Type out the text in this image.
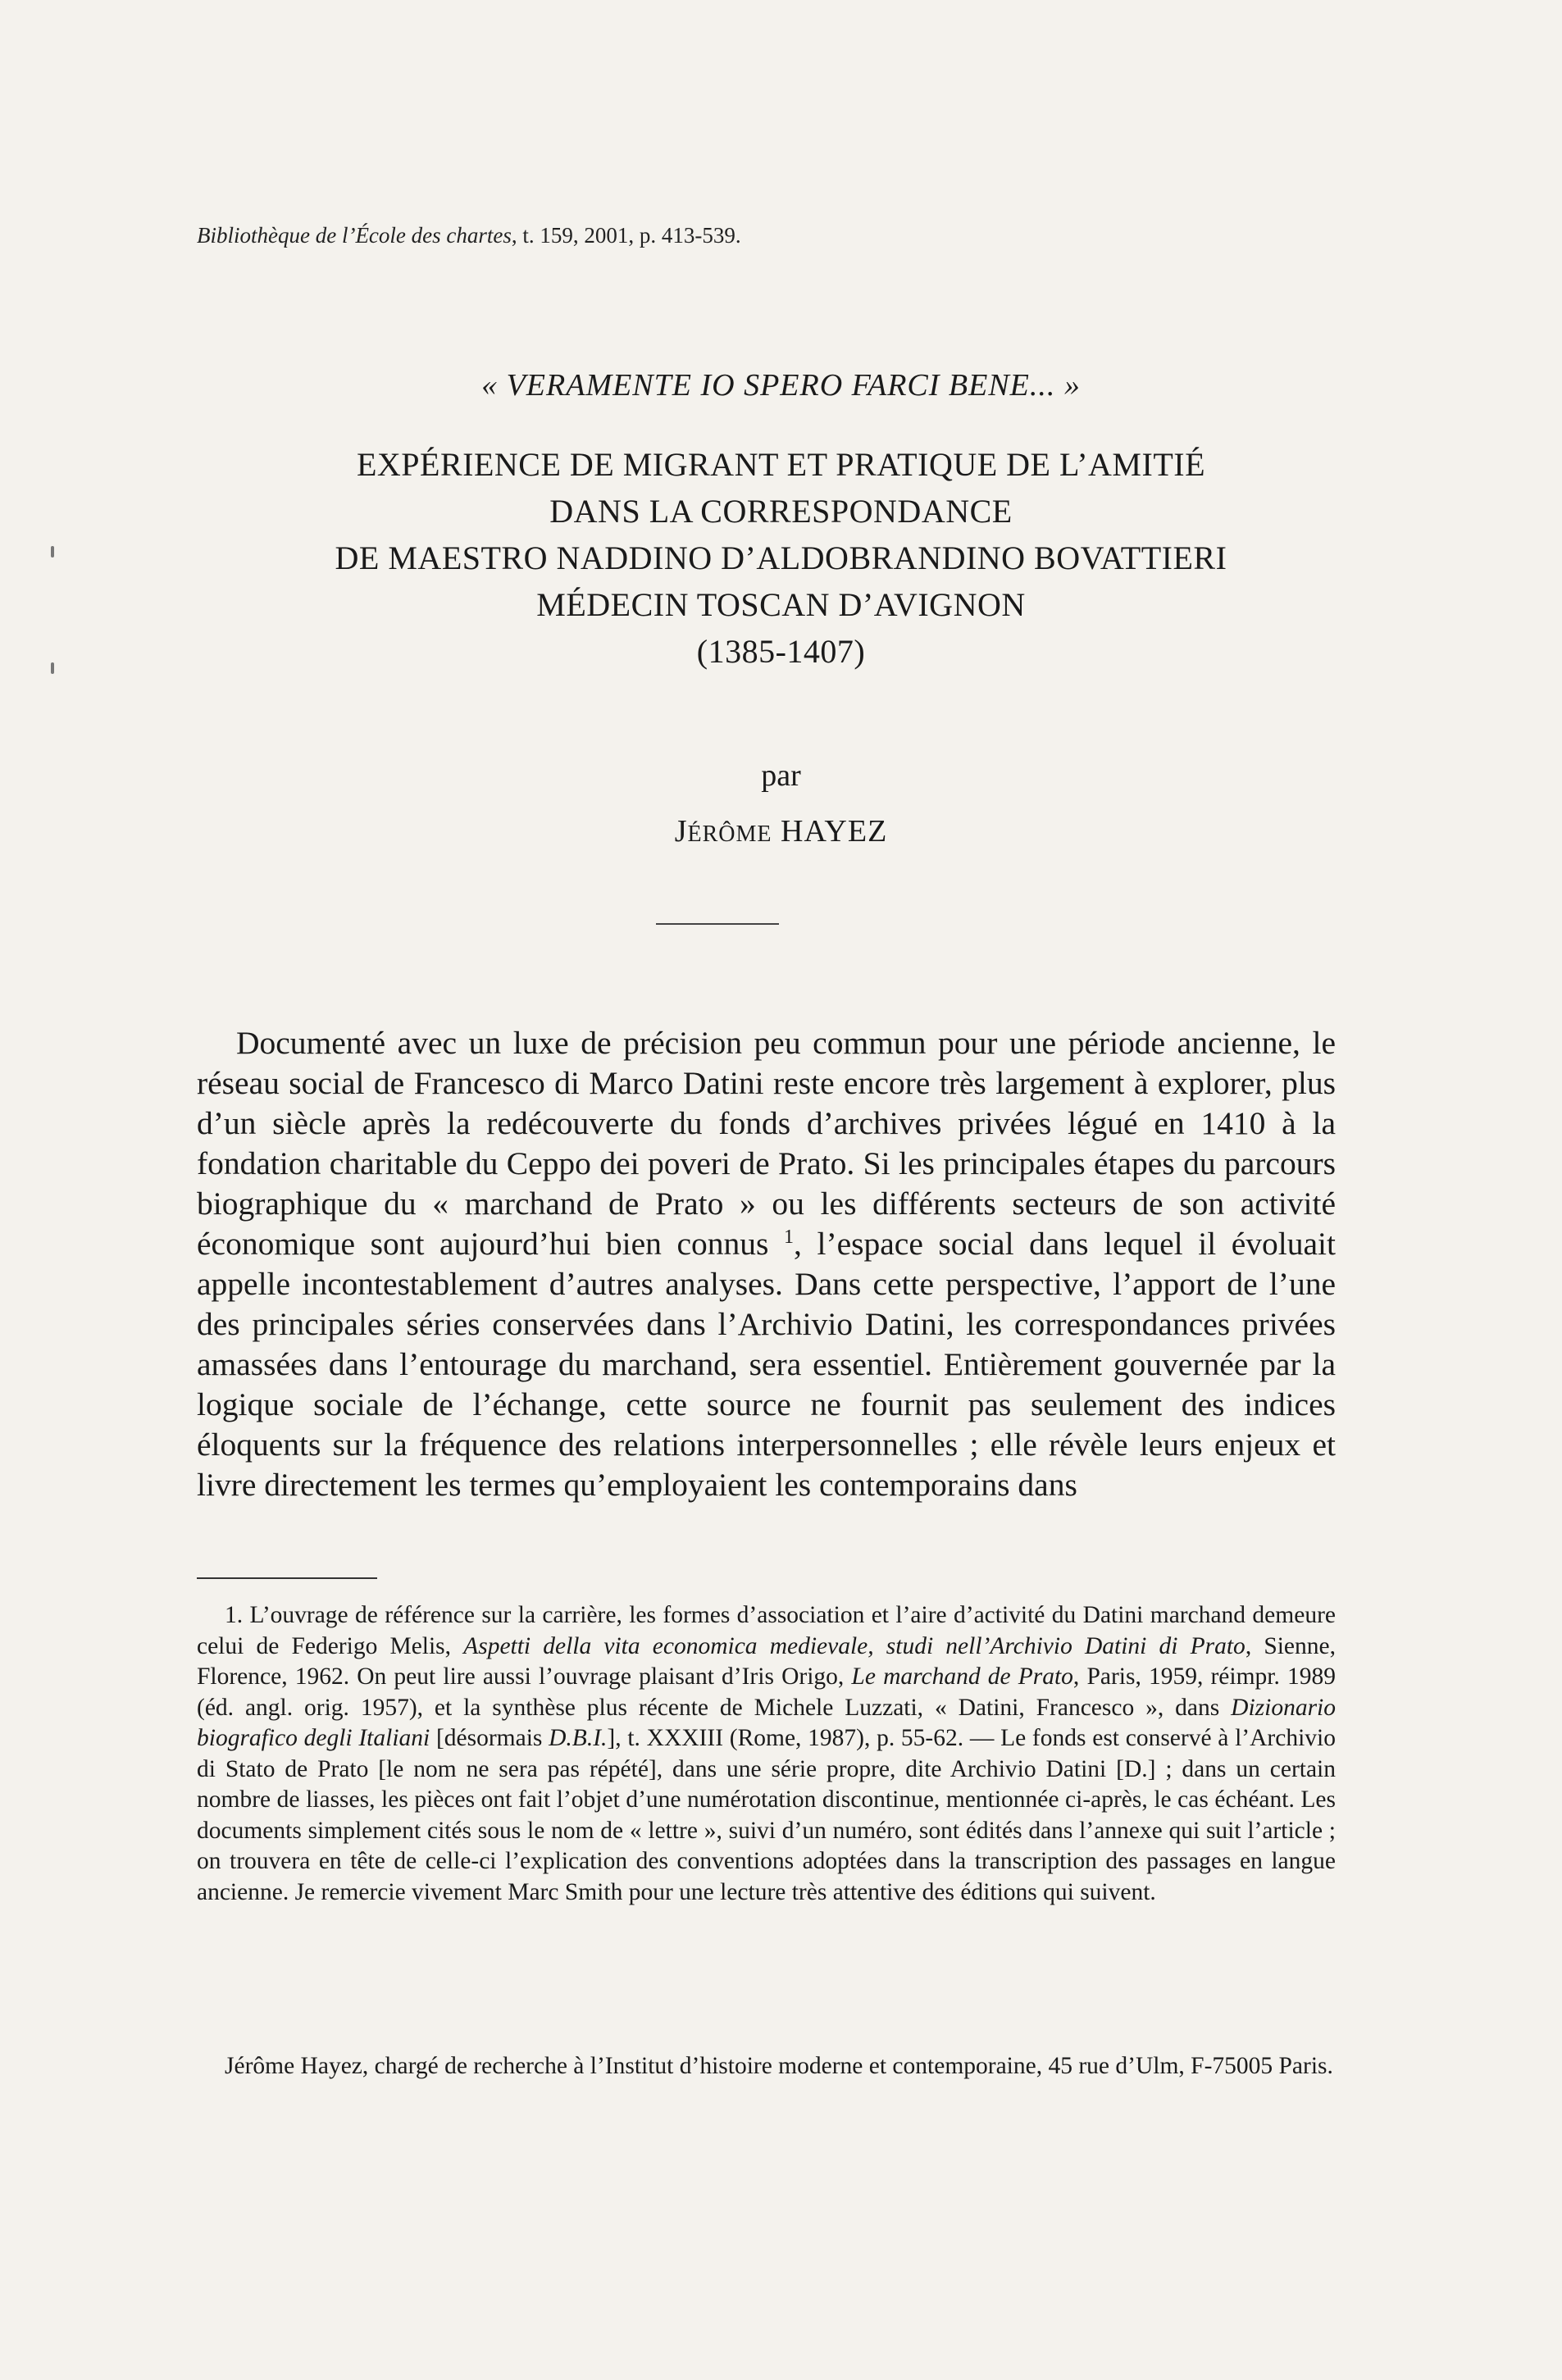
Bibliothèque de l’École des chartes, t. 159, 2001, p. 413-539.
« VERAMENTE IO SPERO FARCI BENE... »
EXPÉRIENCE DE MIGRANT ET PRATIQUE DE L’AMITIÉ
DANS LA CORRESPONDANCE
DE MAESTRO NADDINO D’ALDOBRANDINO BOVATTIERI
MÉDECIN TOSCAN D’AVIGNON
(1385-1407)
par
JÉRÔME HAYEZ
Documenté avec un luxe de précision peu commun pour une période ancienne, le réseau social de Francesco di Marco Datini reste encore très largement à explorer, plus d’un siècle après la redécouverte du fonds d’archives privées légué en 1410 à la fondation charitable du Ceppo dei poveri de Prato. Si les principales étapes du parcours biographique du « marchand de Prato » ou les différents secteurs de son activité économique sont aujourd’hui bien connus $^1$, l’espace social dans lequel il évoluait appelle incontestablement d’autres analyses. Dans cette perspective, l’apport de l’une des principales séries conservées dans l’Archivio Datini, les correspondances privées amassées dans l’entourage du marchand, sera essentiel. Entièrement gouvernée par la logique sociale de l’échange, cette source ne fournit pas seulement des indices éloquents sur la fréquence des relations interpersonnelles ; elle révèle leurs enjeux et livre directement les termes qu’employaient les contemporains dans
1. L’ouvrage de référence sur la carrière, les formes d’association et l’aire d’activité du Datini marchand demeure celui de Federigo Melis, Aspetti della vita economica medievale, studi nell’Archivio Datini di Prato, Sienne, Florence, 1962. On peut lire aussi l’ouvrage plaisant d’Iris Origo, Le marchand de Prato, Paris, 1959, réimpr. 1989 (éd. angl. orig. 1957), et la synthèse plus récente de Michele Luzzati, « Datini, Francesco », dans Dizionario biografico degli Italiani [désormais D.B.I.], t. XXXIII (Rome, 1987), p. 55-62. — Le fonds est conservé à l’Archivio di Stato de Prato [le nom ne sera pas répété], dans une série propre, dite Archivio Datini [D.] ; dans un certain nombre de liasses, les pièces ont fait l’objet d’une numérotation discontinue, mentionnée ci-après, le cas échéant. Les documents simplement cités sous le nom de « lettre », suivi d’un numéro, sont édités dans l’annexe qui suit l’article ; on trouvera en tête de celle-ci l’explication des conventions adoptées dans la transcription des passages en langue ancienne. Je remercie vivement Marc Smith pour une lecture très attentive des éditions qui suivent.
Jérôme Hayez, chargé de recherche à l’Institut d’histoire moderne et contemporaine, 45 rue d’Ulm, F-75005 Paris.
